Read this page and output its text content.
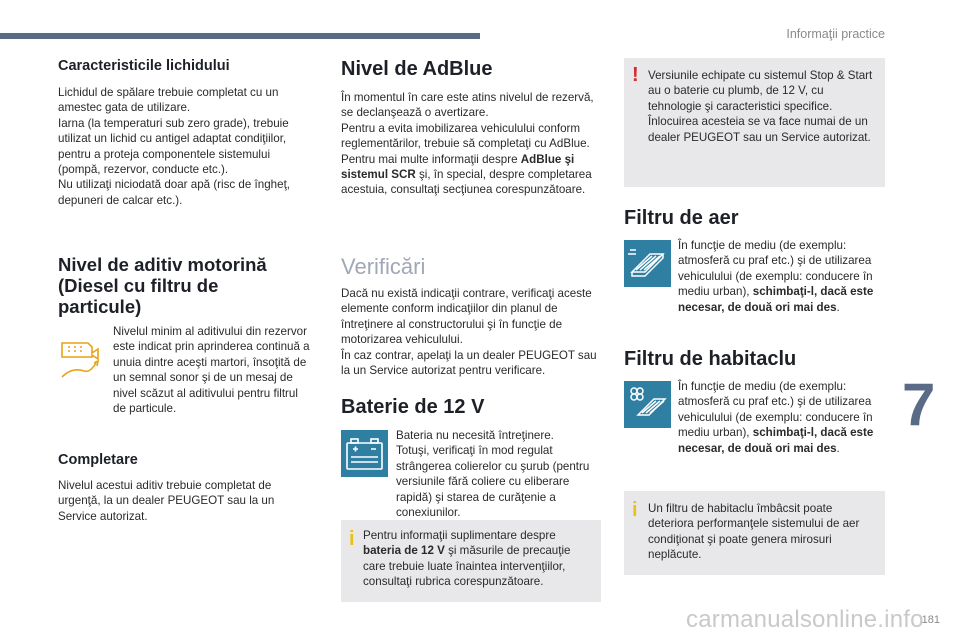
Informaţii practice
Caracteristicile lichidului

Lichidul de spălare trebuie completat cu un amestec gata de utilizare.

Iarna (la temperaturi sub zero grade), trebuie utilizat un lichid cu antigel adaptat condiţiilor, pentru a proteja componentele sistemului (pompă, rezervor, conducte etc.).

Nu utilizaţi niciodată doar apă (risc de îngheţ, depuneri de calcar etc.).

Nivel de aditiv motorină (Diesel cu filtru de particule)
Nivelul minim al aditivului din rezervor este indicat prin aprinderea continuă a unuia dintre aceşti martori, însoţită de un semnal sonor şi de un mesaj de nivel scăzut al aditivului pentru filtrul de particule.
Completare
Nivelul acestui aditiv trebuie completat de urgenţă, la un dealer PEUGEOT sau la un Service autorizat.
Nivel de AdBlue

În momentul în care este atins nivelul de rezervă, se declanşează o avertizare.

Pentru a evita imobilizarea vehiculului conform reglementărilor, trebuie să completaţi cu AdBlue.

Pentru mai multe informaţii despre AdBlue şi sistemul SCR şi, în special, despre completarea acestuia, consultaţi secţiunea corespunzătoare.

Verificări

Dacă nu există indicaţii contrare, verificaţi aceste elemente conform indicaţiilor din planul de întreţinere al constructorului şi în funcţie de motorizarea vehiculului.

În caz contrar, apelaţi la un dealer PEUGEOT sau la un Service autorizat pentru verificare.

Baterie de 12 V

Bateria nu necesită întreţinere.

Totuşi, verificaţi în mod regulat strângerea colierelor cu şurub (pentru versiunile fără coliere cu eliberare rapidă) şi starea de curăţenie a conexiunilor.

i Pentru informaţii suplimentare despre bateria de 12 V şi măsurile de precauţie care trebuie luate înaintea intervenţiilor, consultaţi rubrica corespunzătoare.
! Versiunile echipate cu sistemul Stop & Start au o baterie cu plumb, de 12 V, cu tehnologie şi caracteristici specifice. Înlocuirea acesteia se va face numai de un dealer PEUGEOT sau un Service autorizat.
Filtru de aer
În funcţie de mediu (de exemplu: atmosferă cu praf etc.) şi de utilizarea vehiculului (de exemplu: conducere în mediu urban), schimbaţi-l, dacă este necesar, de două ori mai des.
Filtru de habitaclu
În funcţie de mediu (de exemplu: atmosferă cu praf etc.) şi de utilizarea vehiculului (de exemplu: conducere în mediu urban), schimbaţi-l, dacă este necesar, de două ori mai des.
i Un filtru de habitaclu îmbâcsit poate deteriora performanţele sistemului de aer condiţionat şi poate genera mirosuri neplăcute.
7
carmanualsonline.info
181
